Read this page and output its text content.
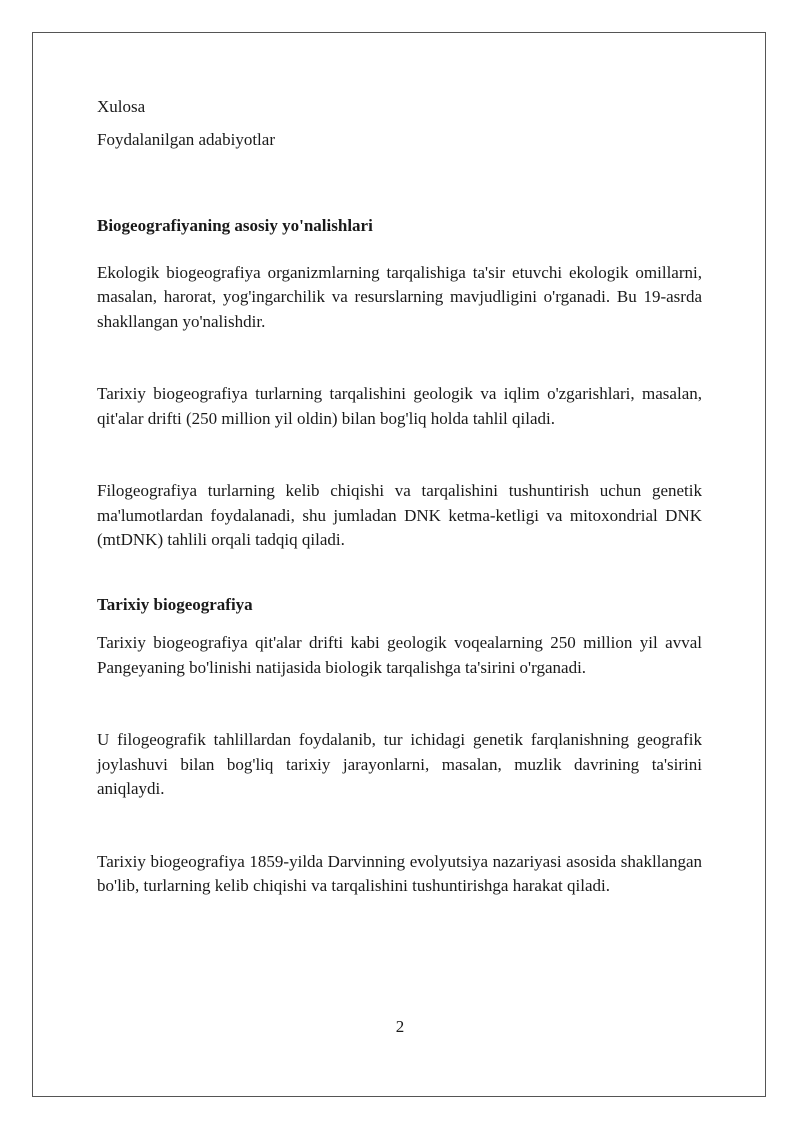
Xulosa

Foydalanilgan adabiyotlar

Biogeografiyaning asosiy yo'nalishlari

Ekologik biogeografiya organizmlarning tarqalishiga ta'sir etuvchi ekologik omillarni, masalan, harorat, yog'ingarchilik va resurslarning mavjudligini o'rganadi. Bu 19-asrda shakllangan yo'nalishdir.

Tarixiy biogeografiya turlarning tarqalishini geologik va iqlim o'zgarishlari, masalan, qit'alar drifti (250 million yil oldin) bilan bog'liq holda tahlil qiladi.

Filogeografiya turlarning kelib chiqishi va tarqalishini tushuntirish uchun genetik ma'lumotlardan foydalanadi, shu jumladan DNK ketma-ketligi va mitoxondrial DNK (mtDNK) tahlili orqali tadqiq qiladi.

Tarixiy biogeografiya

Tarixiy biogeografiya qit'alar drifti kabi geologik voqealarning 250 million yil avval Pangeyaning bo'linishi natijasida biologik tarqalishga ta'sirini o'rganadi.

U filogeografik tahlillardan foydalanib, tur ichidagi genetik farqlanishning geografik joylashuvi bilan bog'liq tarixiy jarayonlarni, masalan, muzlik davrining ta'sirini aniqlaydi.

Tarixiy biogeografiya 1859-yilda Darvinning evolyutsiya nazariyasi asosida shakllangan bo'lib, turlarning kelib chiqishi va tarqalishini tushuntirishga harakat qiladi.

2
